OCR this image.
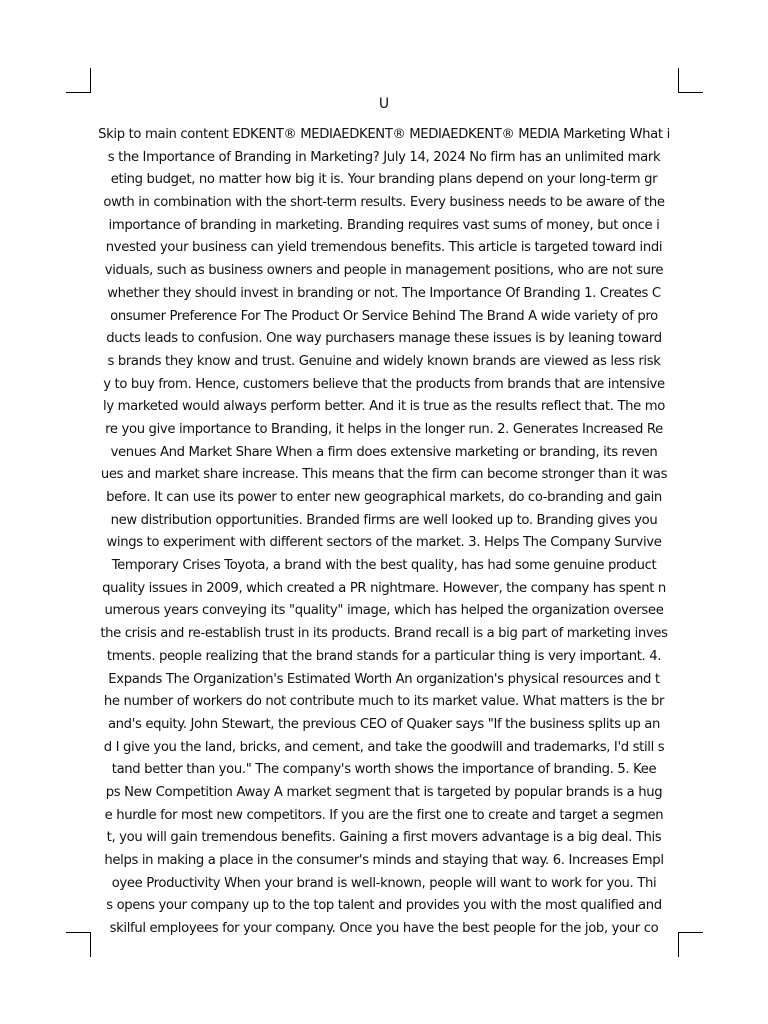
U
Skip to main content EDKENT® MEDIAEDKENT® MEDIAEDKENT® MEDIA Marketing What i
s the Importance of Branding in Marketing? July 14, 2024 No firm has an unlimited mark
eting budget, no matter how big it is. Your branding plans depend on your long-term gr
owth in combination with the short-term results. Every business needs to be aware of the
importance of branding in marketing. Branding requires vast sums of money, but once i
nvested your business can yield tremendous benefits. This article is targeted toward indi
viduals, such as business owners and people in management positions, who are not sure
whether they should invest in branding or not. The Importance Of Branding 1. Creates C
onsumer Preference For The Product Or Service Behind The Brand A wide variety of pro
ducts leads to confusion. One way purchasers manage these issues is by leaning toward
s brands they know and trust. Genuine and widely known brands are viewed as less risk
y to buy from. Hence, customers believe that the products from brands that are intensive
ly marketed would always perform better. And it is true as the results reflect that. The mo
re you give importance to Branding, it helps in the longer run. 2. Generates Increased Re
venues And Market Share When a firm does extensive marketing or branding, its reven
ues and market share increase. This means that the firm can become stronger than it was
before. It can use its power to enter new geographical markets, do co-branding and gain
new distribution opportunities. Branded firms are well looked up to. Branding gives you
wings to experiment with different sectors of the market. 3. Helps The Company Survive
Temporary Crises Toyota, a brand with the best quality, has had some genuine product
quality issues in 2009, which created a PR nightmare. However, the company has spent n
umerous years conveying its "quality" image, which has helped the organization oversee
the crisis and re-establish trust in its products. Brand recall is a big part of marketing inves
tments. people realizing that the brand stands for a particular thing is very important. 4.
Expands The Organization's Estimated Worth An organization's physical resources and t
he number of workers do not contribute much to its market value. What matters is the br
and's equity. John Stewart, the previous CEO of Quaker says "If the business splits up an
d I give you the land, bricks, and cement, and take the goodwill and trademarks, I'd still s
tand better than you." The company's worth shows the importance of branding. 5. Kee
ps New Competition Away A market segment that is targeted by popular brands is a hug
e hurdle for most new competitors. If you are the first one to create and target a segmen
t, you will gain tremendous benefits. Gaining a first movers advantage is a big deal. This
helps in making a place in the consumer's minds and staying that way. 6. Increases Empl
oyee Productivity When your brand is well-known, people will want to work for you. Thi
s opens your company up to the top talent and provides you with the most qualified and
skilful employees for your company. Once you have the best people for the job, your co
